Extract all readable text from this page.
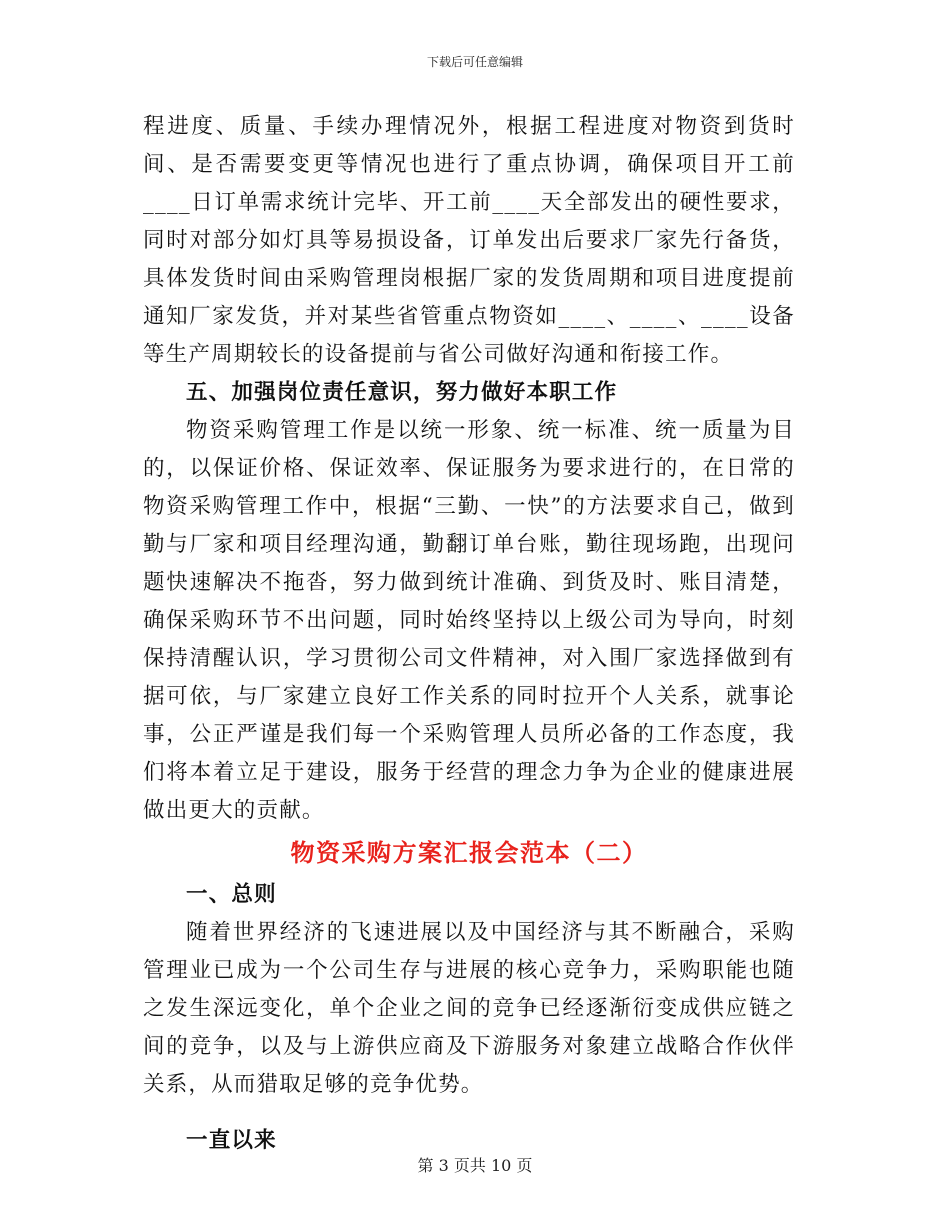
下载后可任意编辑

程进度、质量、手续办理情况外，根据工程进度对物资到货时间、是否需要变更等情况也进行了重点协调，确保项目开工前____日订单需求统计完毕、开工前____天全部发出的硬性要求，同时对部分如灯具等易损设备，订单发出后要求厂家先行备货，具体发货时间由采购管理岗根据厂家的发货周期和项目进度提前通知厂家发货，并对某些省管重点物资如____、____、____设备等生产周期较长的设备提前与省公司做好沟通和衔接工作。

五、加强岗位责任意识，努力做好本职工作

物资采购管理工作是以统一形象、统一标准、统一质量为目的，以保证价格、保证效率、保证服务为要求进行的，在日常的物资采购管理工作中，根据“三勤、一快”的方法要求自己，做到勤与厂家和项目经理沟通，勤翻订单台账，勤往现场跑，出现问题快速解决不拖沓，努力做到统计准确、到货及时、账目清楚，确保采购环节不出问题，同时始终坚持以上级公司为导向，时刻保持清醒认识，学习贯彻公司文件精神，对入围厂家选择做到有据可依，与厂家建立良好工作关系的同时拉开个人关系，就事论事，公正严谨是我们每一个采购管理人员所必备的工作态度，我们将本着立足于建设，服务于经营的理念力争为企业的健康进展做出更大的贡献。

物资采购方案汇报会范本（二）

一、总则

随着世界经济的飞速进展以及中国经济与其不断融合，采购管理业已成为一个公司生存与进展的核心竞争力，采购职能也随之发生深远变化，单个企业之间的竞争已经逐渐衍变成供应链之间的竞争，以及与上游供应商及下游服务对象建立战略合作伙伴关系，从而猎取足够的竞争优势。

一直以来

第 3 页共 10 页
